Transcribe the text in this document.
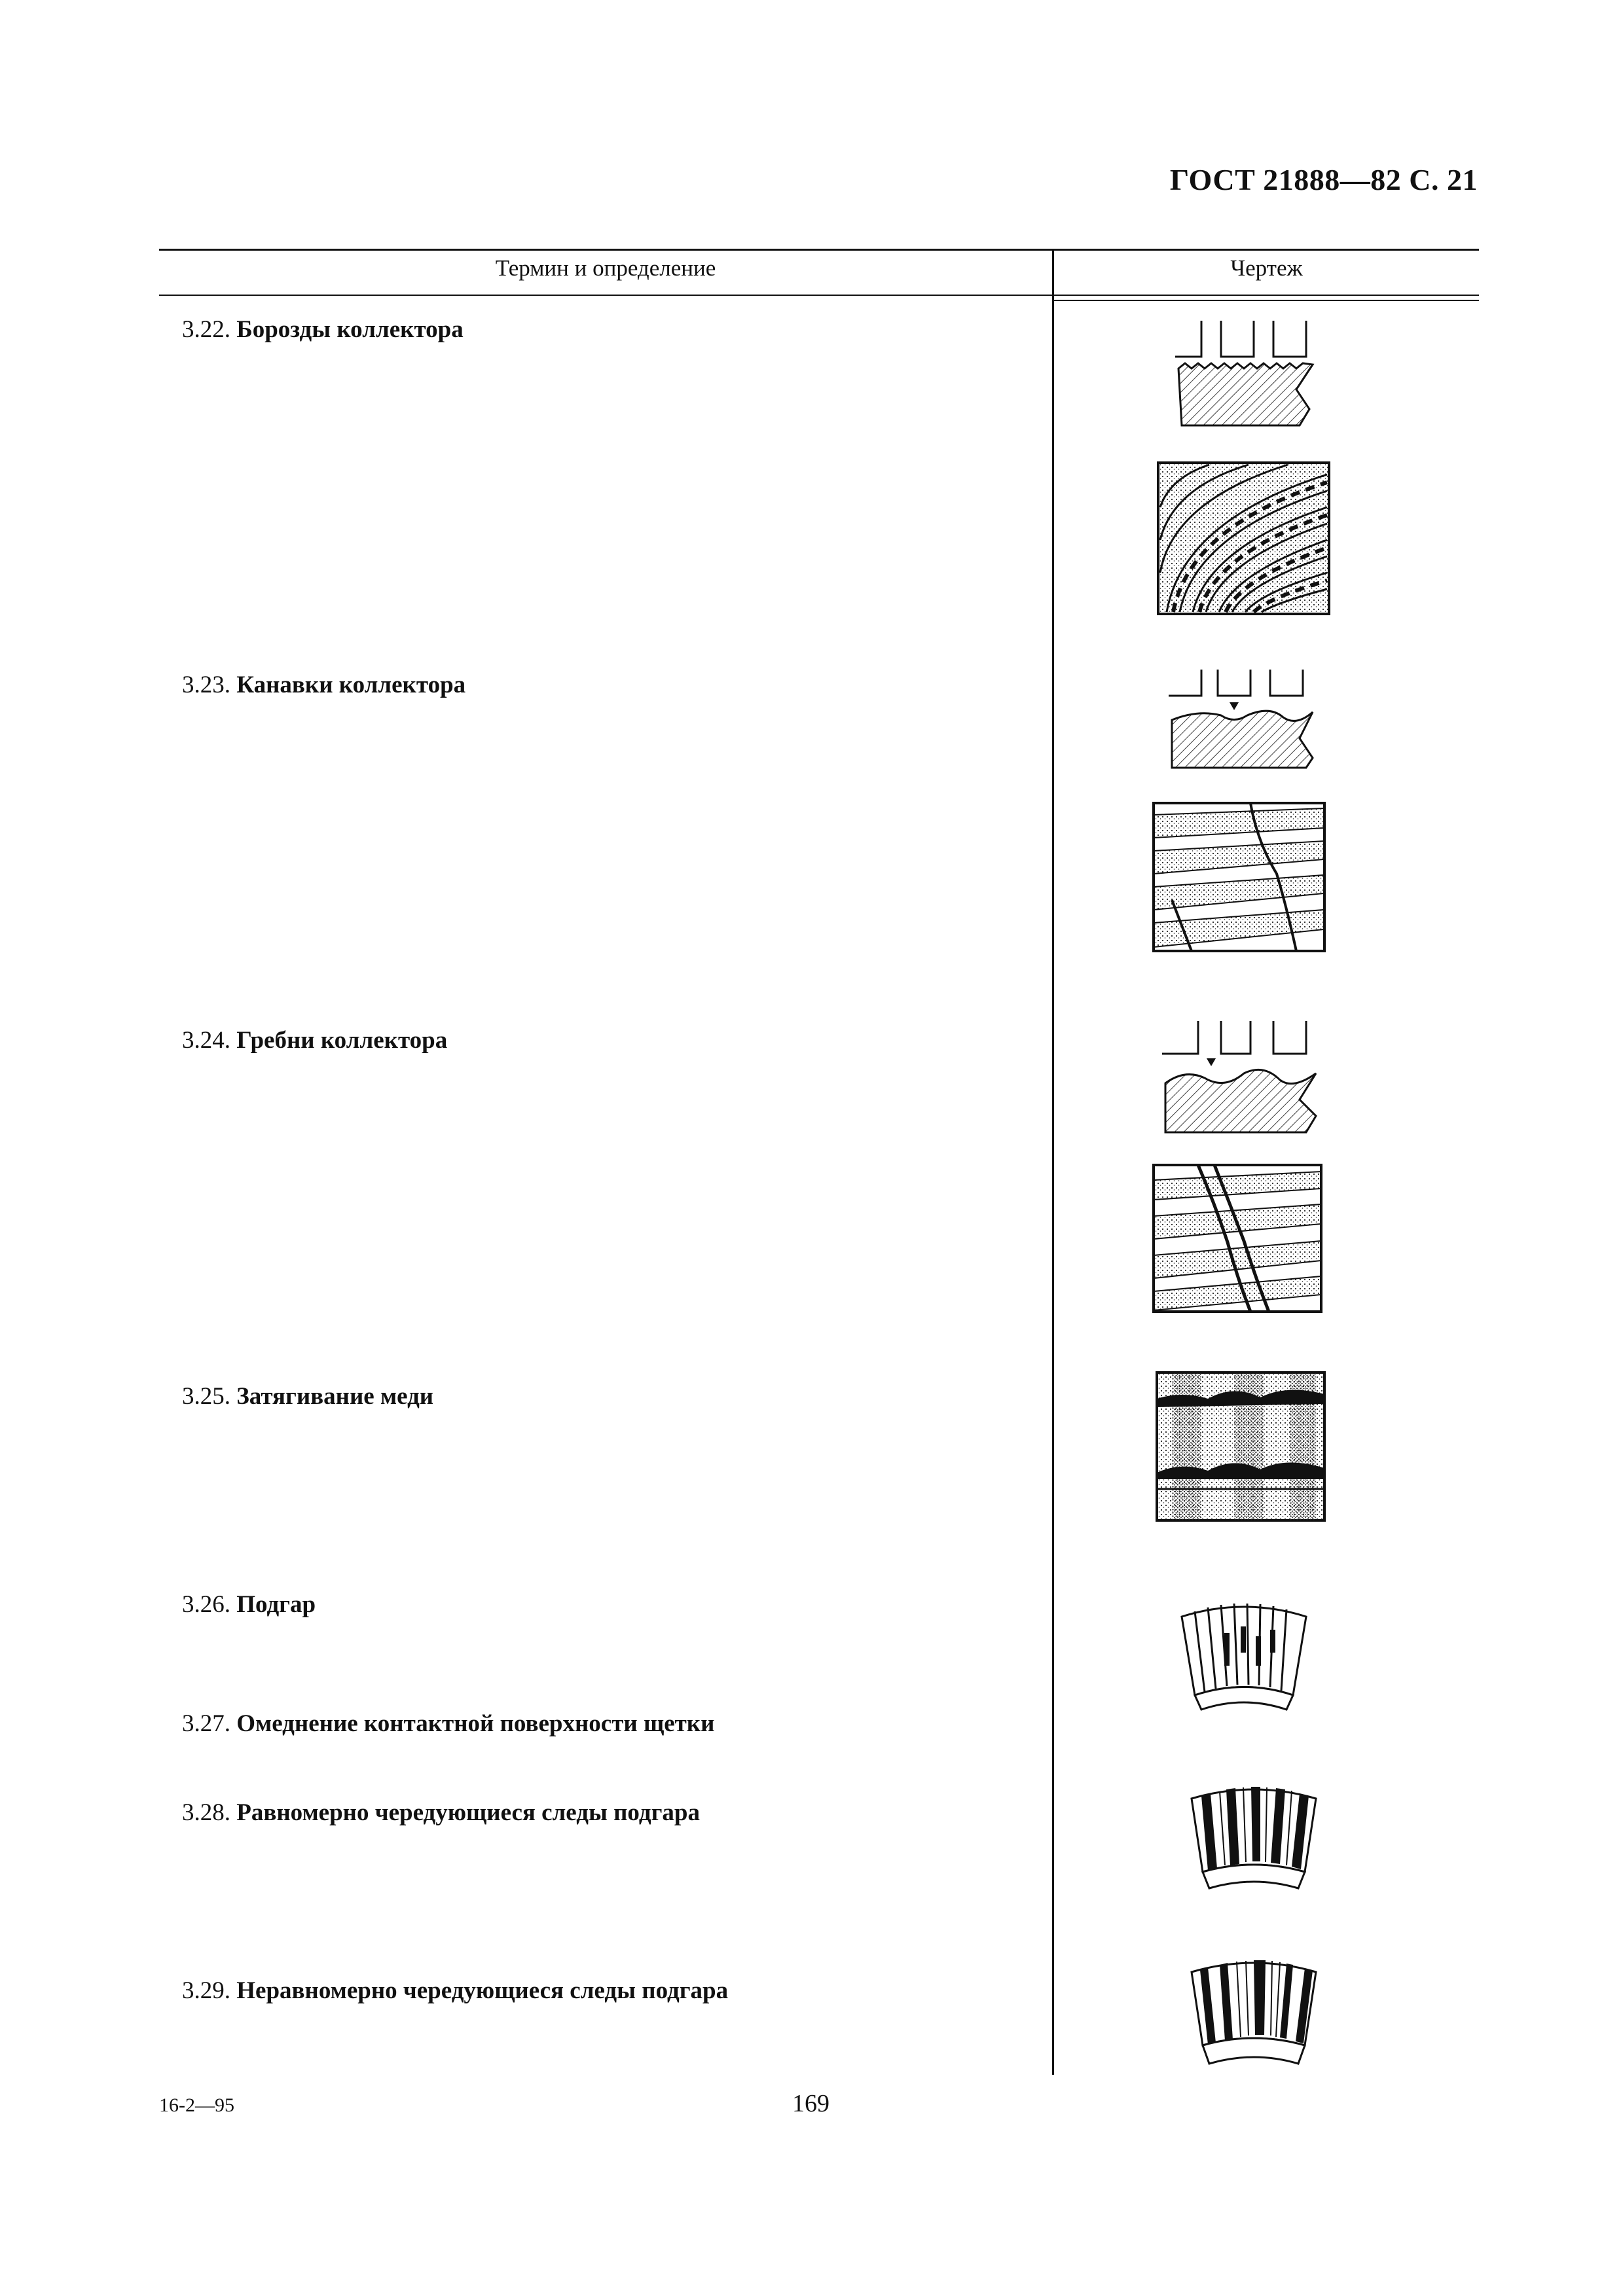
ГОСТ 21888—82 С. 21
Термин и определение	Чертеж
3.22. Борозды коллектора
3.23. Канавки коллектора
3.24. Гребни коллектора
3.25. Затягивание меди
3.26. Подгар
3.27. Омеднение контактной поверхности щетки
3.28. Равномерно чередующиеся следы подгара
3.29. Неравномерно чередующиеся следы подгара
16-2—95	169
